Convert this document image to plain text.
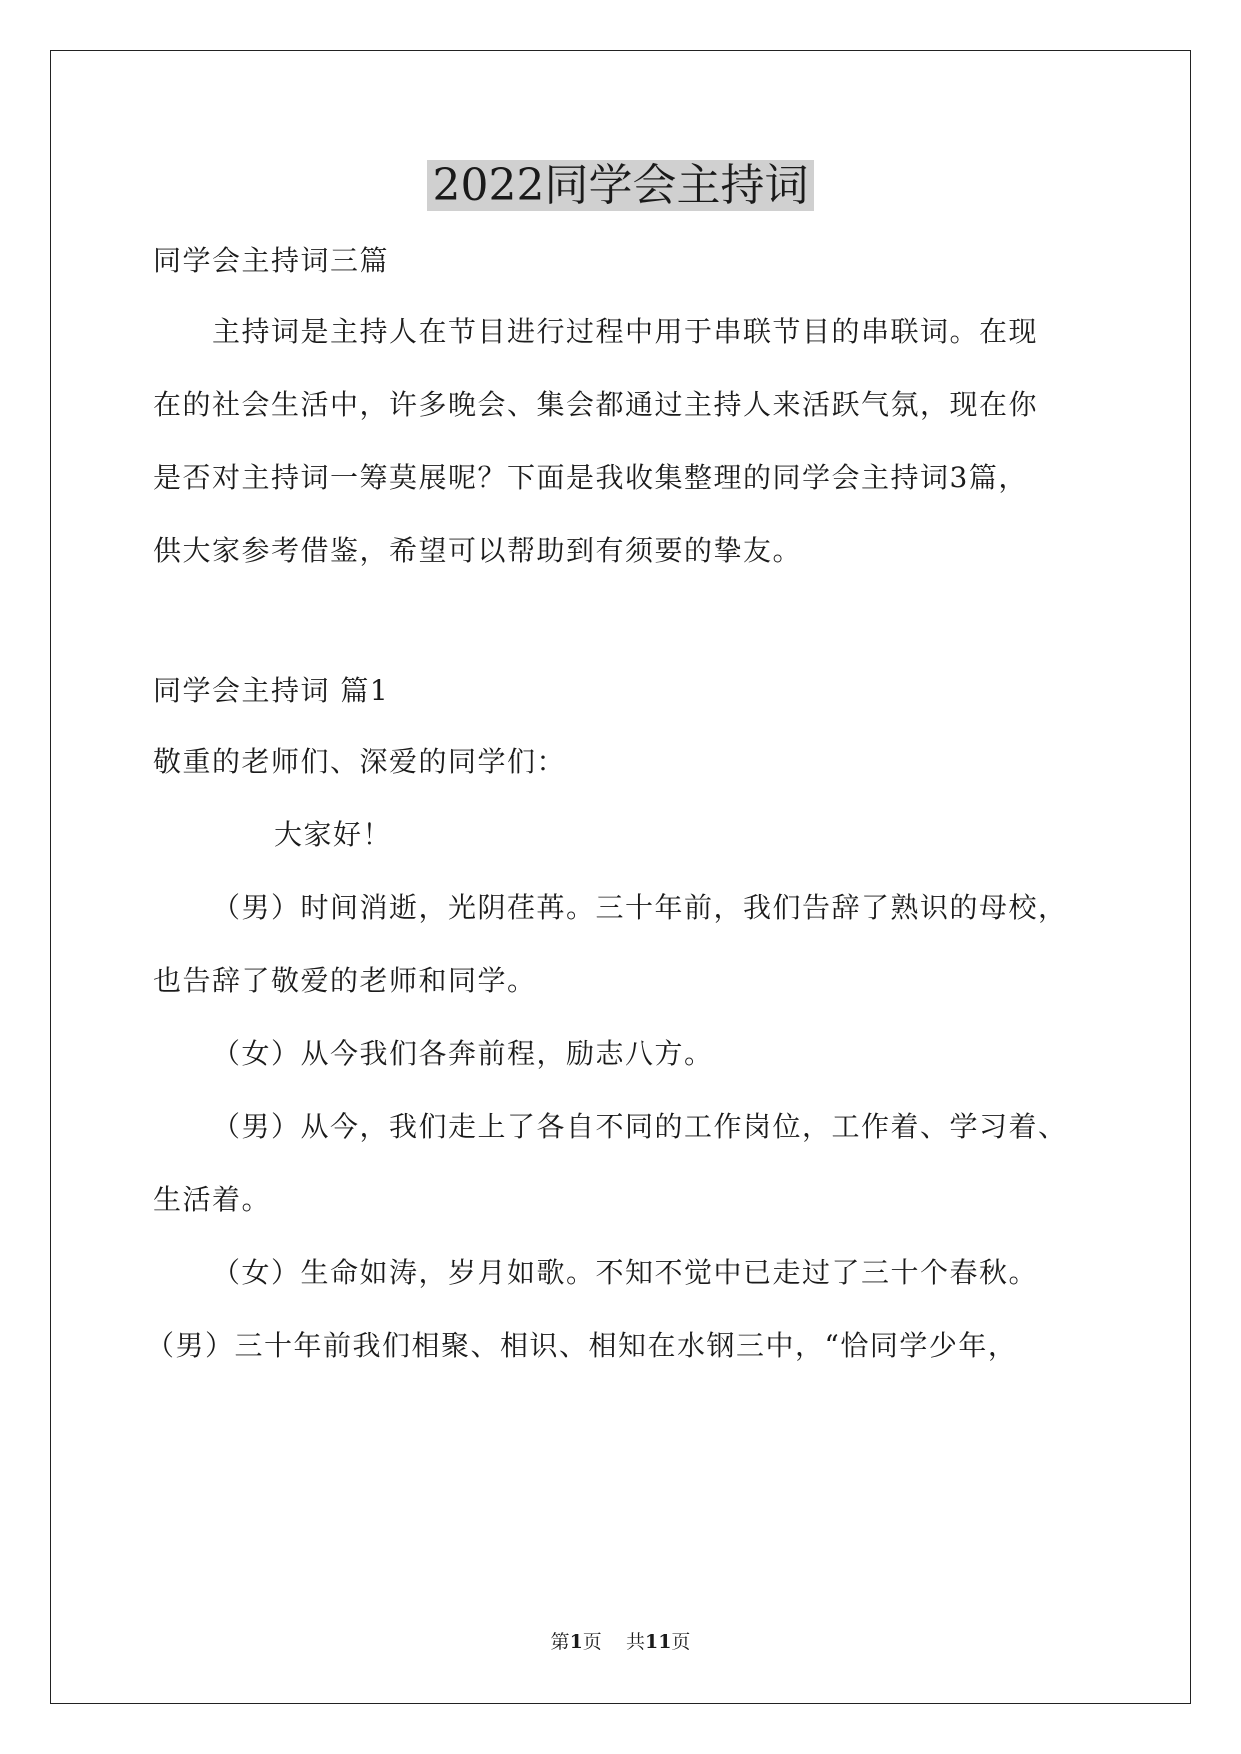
2022同学会主持词
同学会主持词三篇
主持词是主持人在节目进行过程中用于串联节目的串联词。在现
在的社会生活中，许多晚会、集会都通过主持人来活跃气氛，现在你
是否对主持词一筹莫展呢？下面是我收集整理的同学会主持词3篇，
供大家参考借鉴，希望可以帮助到有须要的挚友。
同学会主持词 篇1
敬重的老师们、深爱的同学们：
大家好！
（男）时间消逝，光阴荏苒。三十年前，我们告辞了熟识的母校，
也告辞了敬爱的老师和同学。
（女）从今我们各奔前程，励志八方。
（男）从今，我们走上了各自不同的工作岗位，工作着、学习着、
生活着。
（女）生命如涛，岁月如歌。不知不觉中已走过了三十个春秋。
（男）三十年前我们相聚、相识、相知在水钢三中，“恰同学少年，
第1页    共11页
